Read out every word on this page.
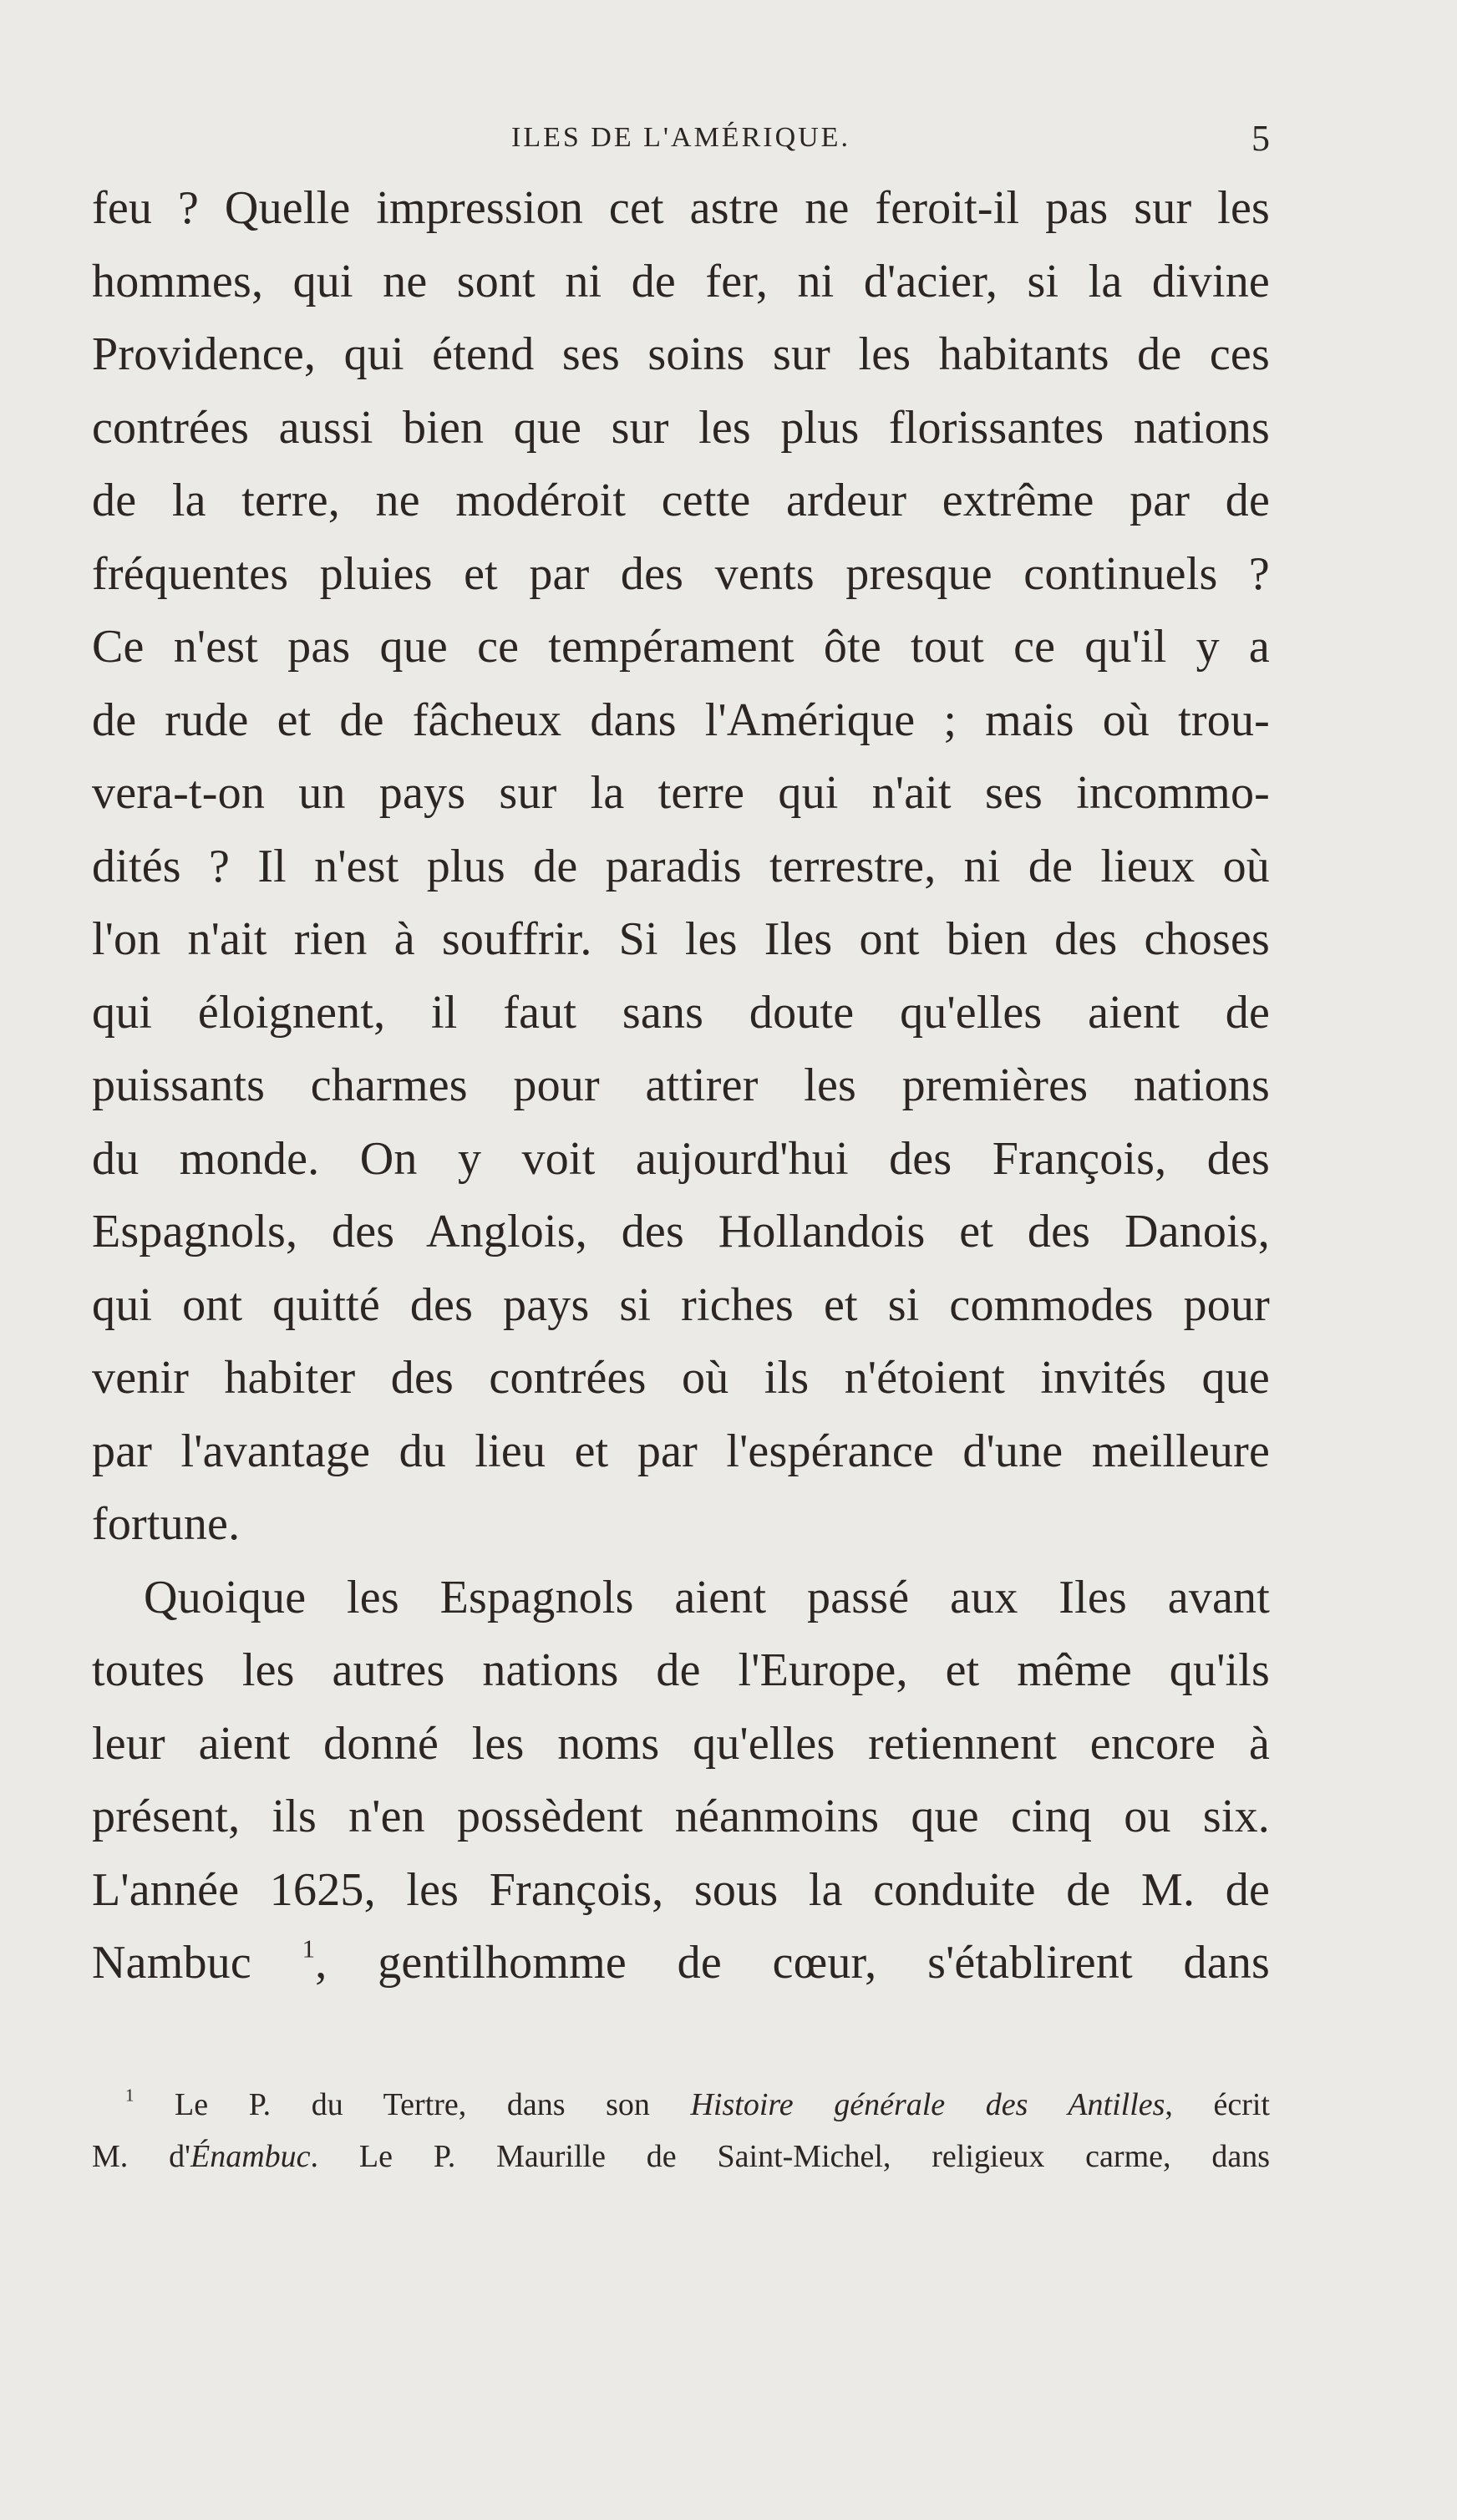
ILES DE L'AMÉRIQUE.	5
feu ? Quelle impression cet astre ne feroit-il pas sur les
hommes, qui ne sont ni de fer, ni d'acier, si la divine
Providence, qui étend ses soins sur les habitants de ces
contrées aussi bien que sur les plus florissantes nations
de la terre, ne modéroit cette ardeur extrême par de
fréquentes pluies et par des vents presque continuels ?
Ce n'est pas que ce tempérament ôte tout ce qu'il y a
de rude et de fâcheux dans l'Amérique ; mais où trou-
vera-t-on un pays sur la terre qui n'ait ses incommo-
dités ? Il n'est plus de paradis terrestre, ni de lieux où
l'on n'ait rien à souffrir. Si les Iles ont bien des choses
qui éloignent, il faut sans doute qu'elles aient de
puissants charmes pour attirer les premières nations
du monde. On y voit aujourd'hui des François, des
Espagnols, des Anglois, des Hollandois et des Danois,
qui ont quitté des pays si riches et si commodes pour
venir habiter des contrées où ils n'étoient invités que
par l'avantage du lieu et par l'espérance d'une meilleure
fortune.
Quoique les Espagnols aient passé aux Iles avant
toutes les autres nations de l'Europe, et même qu'ils
leur aient donné les noms qu'elles retiennent encore à
présent, ils n'en possèdent néanmoins que cinq ou six.
L'année 1625, les François, sous la conduite de M. de
Nambuc $^1$, gentilhomme de cœur, s'établirent dans
$^1$ Le P. du Tertre, dans son Histoire générale des Antilles, écrit
M. d'Énambuc. Le P. Maurille de Saint-Michel, religieux carme, dans
